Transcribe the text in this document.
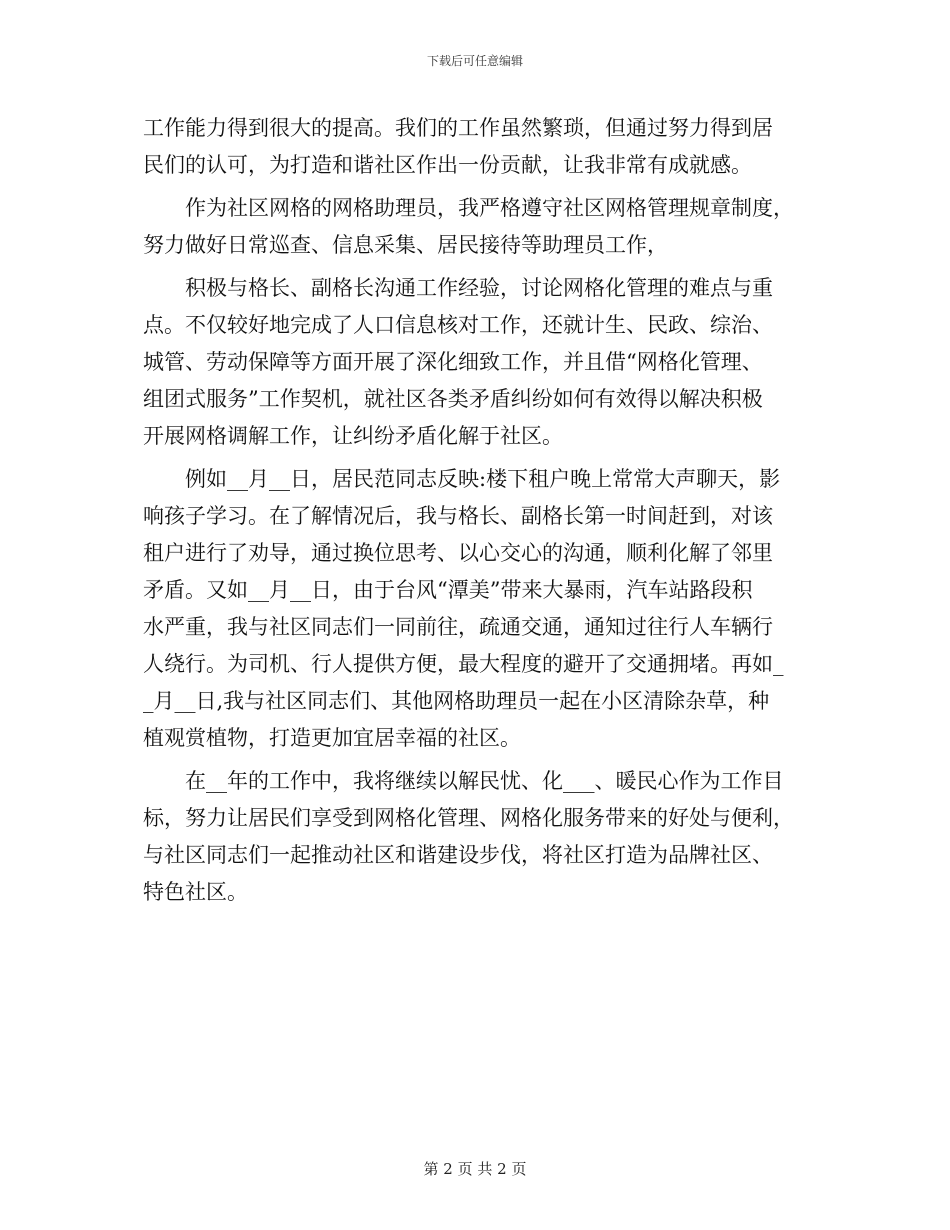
下载后可任意编辑
工作能力得到很大的提高。我们的工作虽然繁琐，但通过努力得到居
民们的认可，为打造和谐社区作出一份贡献，让我非常有成就感。
　　作为社区网格的网格助理员，我严格遵守社区网格管理规章制度，
努力做好日常巡查、信息采集、居民接待等助理员工作，
　　积极与格长、副格长沟通工作经验，讨论网格化管理的难点与重
点。不仅较好地完成了人口信息核对工作，还就计生、民政、综治、
城管、劳动保障等方面开展了深化细致工作，并且借“网格化管理、
组团式服务”工作契机，就社区各类矛盾纠纷如何有效得以解决积极
开展网格调解工作，让纠纷矛盾化解于社区。
　　例如__月__日，居民范同志反映:楼下租户晚上常常大声聊天，影
响孩子学习。在了解情况后，我与格长、副格长第一时间赶到，对该
租户进行了劝导，通过换位思考、以心交心的沟通，顺利化解了邻里
矛盾。又如__月__日，由于台风“潭美”带来大暴雨，汽车站路段积
水严重，我与社区同志们一同前往，疏通交通，通知过往行人车辆行
人绕行。为司机、行人提供方便，最大程度的避开了交通拥堵。再如_
_月__日,我与社区同志们、其他网格助理员一起在小区清除杂草，种
植观赏植物，打造更加宜居幸福的社区。
　　在__年的工作中，我将继续以解民忧、化___、暖民心作为工作目
标，努力让居民们享受到网格化管理、网格化服务带来的好处与便利，
与社区同志们一起推动社区和谐建设步伐，将社区打造为品牌社区、
特色社区。
第 2 页 共 2 页
